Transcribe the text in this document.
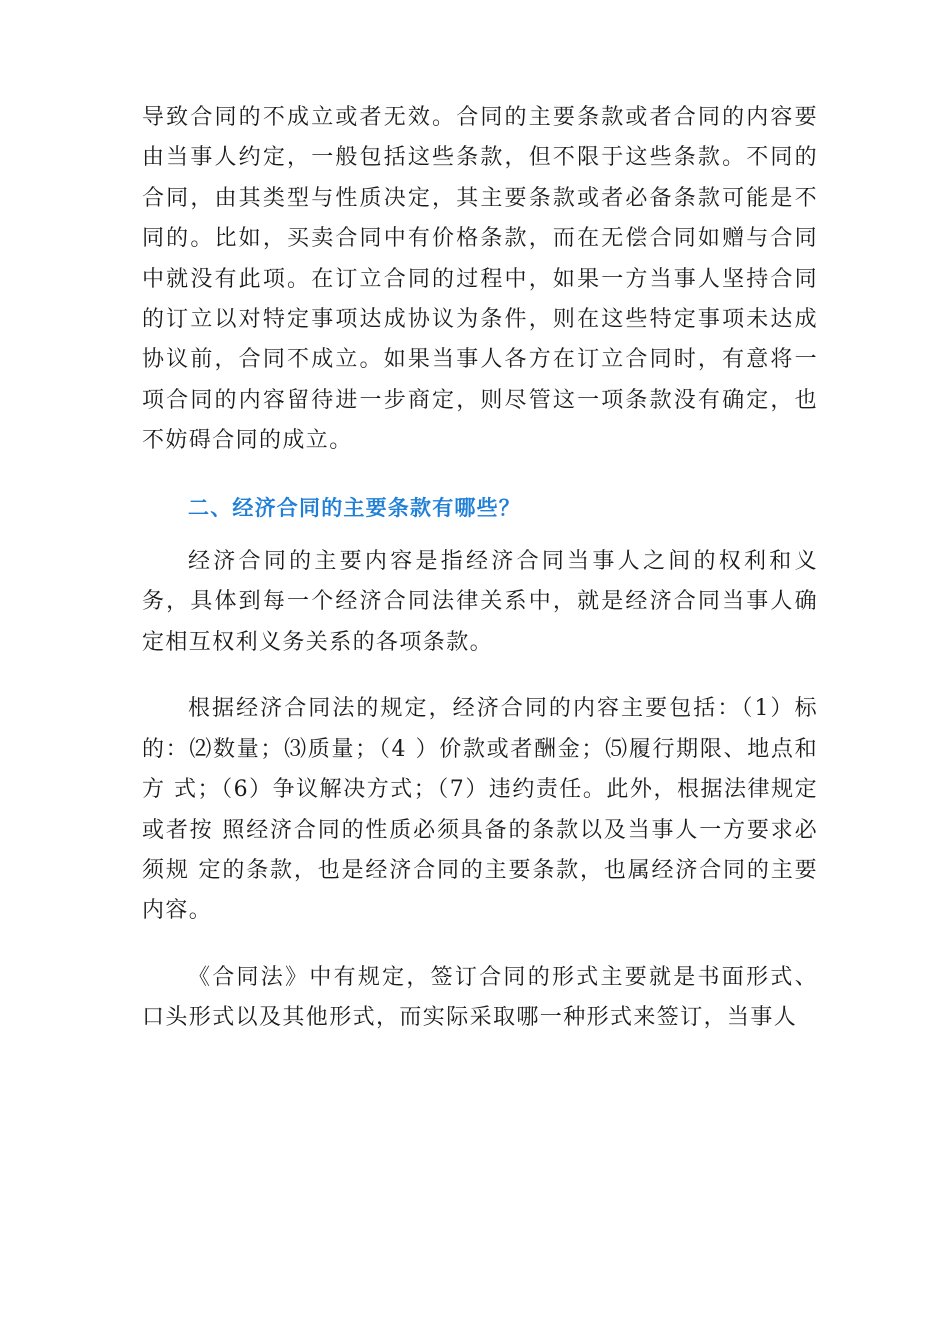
导致合同的不成立或者无效。合同的主要条款或者合同的内容要由当事人约定，一般包括这些条款，但不限于这些条款。不同的合同，由其类型与性质决定，其主要条款或者必备条款可能是不同的。比如，买卖合同中有价格条款，而在无偿合同如赠与合同中就没有此项。在订立合同的过程中，如果一方当事人坚持合同的订立以对特定事项达成协议为条件，则在这些特定事项未达成协议前，合同不成立。如果当事人各方在订立合同时，有意将一项合同的内容留待进一步商定，则尽管这一项条款没有确定，也不妨碍合同的成立。

二、经济合同的主要条款有哪些？

经济合同的主要内容是指经济合同当事人之间的权利和义务，具体到每一个经济合同法律关系中，就是经济合同当事人确定相互权利义务关系的各项条款。

根据经济合同法的规定，经济合同的内容主要包括：（1）标的：⑵数量；⑶质量；（4 ）价款或者酬金；⑸履行期限、地点和方 式；（6）争议解决方式；（7）违约责任。此外，根据法律规定或者按 照经济合同的性质必须具备的条款以及当事人一方要求必须规 定的条款，也是经济合同的主要条款，也属经济合同的主要内容。

《合同法》中有规定，签订合同的形式主要就是书面形式、口头形式以及其他形式，而实际采取哪一种形式来签订，当事人
